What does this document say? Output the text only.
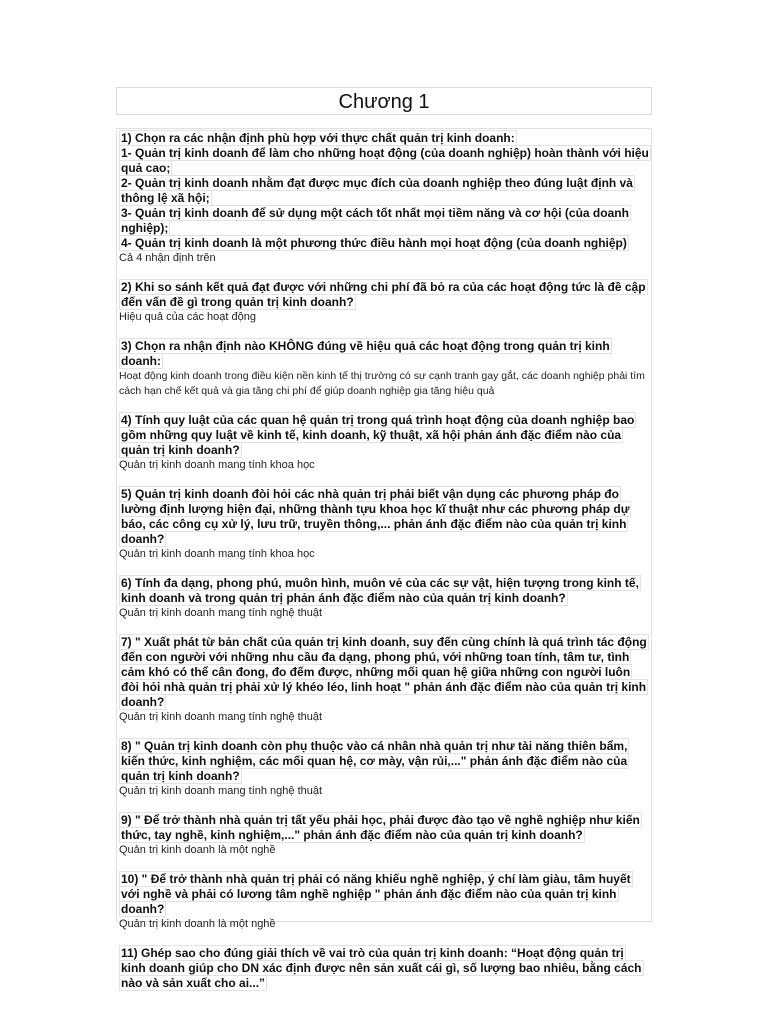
Chương 1
1) Chọn ra các nhận định phù hợp với thực chất quản trị kinh doanh:
1- Quản trị kinh doanh để làm cho những hoạt động (của doanh nghiệp) hoàn thành với hiệu quả cao;
2- Quản trị kinh doanh nhằm đạt được mục đích của doanh nghiệp theo đúng luật định và thông lệ xã hội;
3- Quản trị kinh doanh để sử dụng một cách tốt nhất mọi tiềm năng và cơ hội (của doanh nghiệp);
4- Quản trị kinh doanh là một phương thức điều hành mọi hoạt động (của doanh nghiệp)
Cả 4 nhận định trên
2) Khi so sánh kết quả đạt được với những chi phí đã bỏ ra của các hoạt động tức là đề cập đến vấn đề gì trong quản trị kinh doanh?
Hiệu quả của các hoạt động
3) Chọn ra nhận định nào KHÔNG đúng về hiệu quả các hoạt động trong quản trị kinh doanh:
Hoạt động kinh doanh trong điều kiện nền kinh tế thị trường có sự cạnh tranh gay gắt, các doanh nghiệp phải tìm cách hạn chế kết quả và gia tăng chi phí để giúp doanh nghiệp gia tăng hiệu quả
4) Tính quy luật của các quan hệ quản trị trong quá trình hoạt động của doanh nghiệp bao gồm những quy luật về kinh tế, kinh doanh, kỹ thuật, xã hội phản ánh đặc điểm nào của quản trị kinh doanh?
Quản trị kinh doanh mang tính khoa học
5) Quản trị kinh doanh đòi hỏi các nhà quản trị phải biết vận dụng các phương pháp đo lường định lượng hiện đại, những thành tựu khoa học kĩ thuật như các phương pháp dự báo, các công cụ xử lý, lưu trữ, truyền thông,... phản ánh đặc điểm nào của quản trị kinh doanh?
Quản trị kinh doanh mang tính khoa học
6) Tính đa dạng, phong phú, muôn hình, muôn vẻ của các sự vật, hiện tượng trong kinh tế, kinh doanh và trong quản trị phản ánh đặc điểm nào của quản trị kinh doanh?
Quản trị kinh doanh mang tính nghệ thuật
7) " Xuất phát từ bản chất của quản trị kinh doanh, suy đến cùng chính là quá trình tác động đến con người với những nhu cầu đa dạng, phong phú, với những toan tính, tâm tư, tình cảm khó có thể cân đong, đo đếm được, những mối quan hệ giữa những con người luôn đòi hỏi nhà quản trị phải xử lý khéo léo, linh hoạt " phản ánh đặc điểm nào của quản trị kinh doanh?
Quản trị kinh doanh mang tính nghệ thuật
8) " Quản trị kinh doanh còn phụ thuộc vào cá nhân nhà quản trị như tài năng thiên bẩm, kiến thức, kinh nghiệm, các mối quan hệ, cơ mày, vận rủi,..." phản ánh đặc điểm nào của quản trị kinh doanh?
Quản trị kinh doanh mang tính nghệ thuật
9) " Để trở thành nhà quản trị tất yếu phải học, phải được đào tạo về nghề nghiệp như kiến thức, tay nghề, kinh nghiệm,..." phản ánh đặc điểm nào của quản trị kinh doanh?
Quản trị kinh doanh là một nghề
10) " Để trở thành nhà quản trị phải có năng khiếu nghề nghiệp, ý chí làm giàu, tâm huyết với nghề và phải có lương tâm nghề nghiệp " phản ánh đặc điểm nào của quản trị kinh doanh?
Quản trị kinh doanh là một nghề
11) Ghép sao cho đúng giải thích về vai trò của quản trị kinh doanh: “Hoạt động quản trị kinh doanh giúp cho DN xác định được nên sản xuất cái gì, số lượng bao nhiêu, bằng cách nào và sản xuất cho ai...”
